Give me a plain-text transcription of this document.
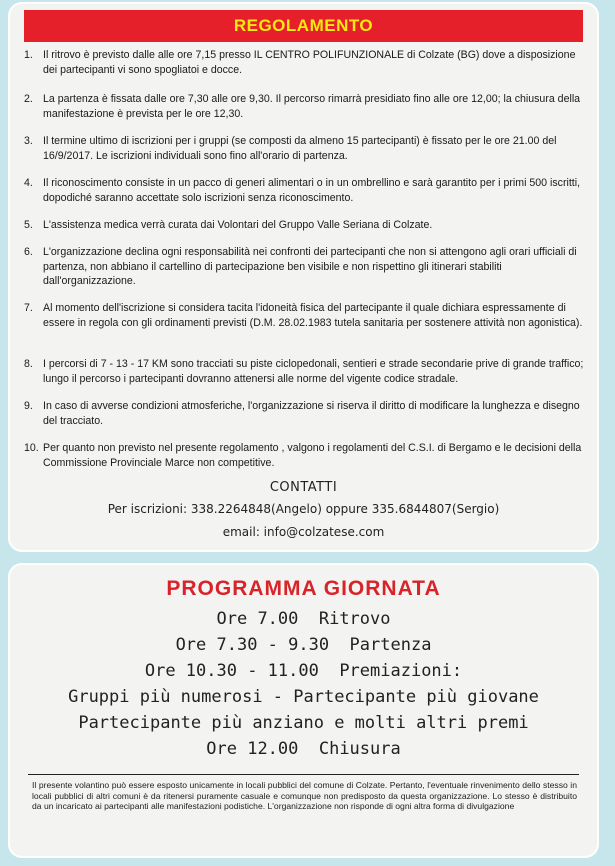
REGOLAMENTO
1. Il ritrovo è previsto dalle alle ore 7,15 presso IL CENTRO POLIFUNZIONALE di Colzate (BG) dove a disposizione dei partecipanti vi sono spogliatoi e docce.
2. La partenza è fissata dalle ore 7,30 alle ore 9,30. Il percorso rimarrà presidiato fino alle ore 12,00; la chiusura della manifestazione è prevista per le ore 12,30.
3. Il termine ultimo di iscrizioni per i gruppi (se composti da almeno 15 partecipanti) è fissato per le ore 21.00 del 16/9/2017. Le iscrizioni individuali sono fino all'orario di partenza.
4. Il riconoscimento consiste in un pacco di generi alimentari o in un ombrellino e sarà garantito per i primi 500 iscritti, dopodiché saranno accettate solo iscrizioni senza riconoscimento.
5. L'assistenza medica verrà curata dai Volontari del Gruppo Valle Seriana di Colzate.
6. L'organizzazione declina ogni responsabilità nei confronti dei partecipanti che non si attengono agli orari ufficiali di partenza, non abbiano il cartellino di partecipazione ben visibile e non rispettino gli itinerari stabiliti dall'organizzazione.
7. Al momento dell'iscrizione si considera tacita l'idoneità fisica del partecipante il quale dichiara espressamente di essere in regola con gli ordinamenti previsti (D.M. 28.02.1983 tutela sanitaria per sostenere attività non agonistica).
8. I percorsi di 7 - 13 - 17 KM sono tracciati su piste ciclopedonali, sentieri e strade secondarie prive di grande traffico; lungo il percorso i partecipanti dovranno attenersi alle norme del vigente codice stradale.
9. In caso di avverse condizioni atmosferiche, l'organizzazione si riserva il diritto di modificare la lunghezza e disegno del tracciato.
10. Per quanto non previsto nel presente regolamento , valgono i regolamenti del C.S.I. di Bergamo e le decisioni della Commissione Provinciale Marce non competitive.
CONTATTI
Per iscrizioni: 338.2264848(Angelo) oppure 335.6844807(Sergio)
email: info@colzatese.com
PROGRAMMA GIORNATA
Ore 7.00  Ritrovo
Ore 7.30 - 9.30  Partenza
Ore 10.30 - 11.00  Premiazioni:
Gruppi più numerosi - Partecipante più giovane
Partecipante più anziano e molti altri premi
Ore 12.00  Chiusura
Il presente volantino può essere esposto unicamente in locali pubblici del comune di Colzate. Pertanto, l'eventuale rinvenimento dello stesso in locali pubblici di altri comuni è da ritenersi puramente casuale e comunque non predisposto da questa organizzazione. Lo stesso è distribuito da un incaricato ai partecipanti alle manifestazioni podistiche. L'organizzazione non risponde di ogni altra forma di divulgazione
